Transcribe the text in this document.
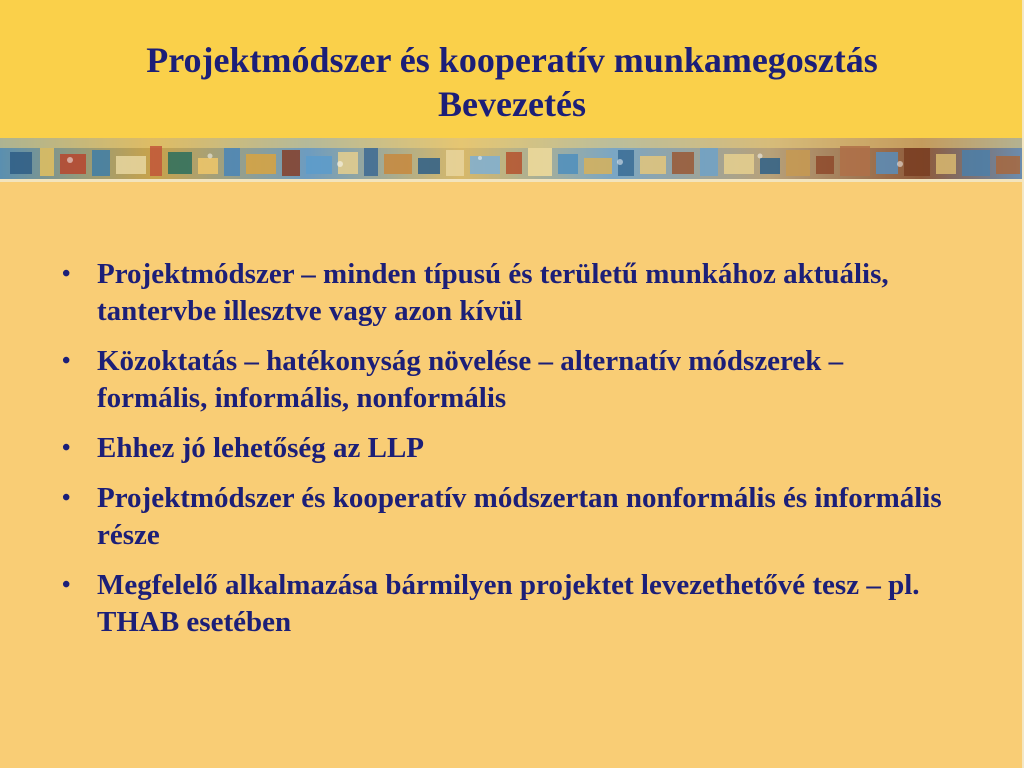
Projektmódszer és kooperatív munkamegosztás
Bevezetés
• Projektmódszer – minden típusú és területű munkához aktuális, tantervbe illesztve vagy azon kívül
• Közoktatás – hatékonyság növelése – alternatív módszerek – formális, informális, nonformális
• Ehhez jó lehetőség az LLP
• Projektmódszer és kooperatív módszertan nonformális és informális része
• Megfelelő alkalmazása bármilyen projektet levezethetővé tesz – pl. THAB esetében
